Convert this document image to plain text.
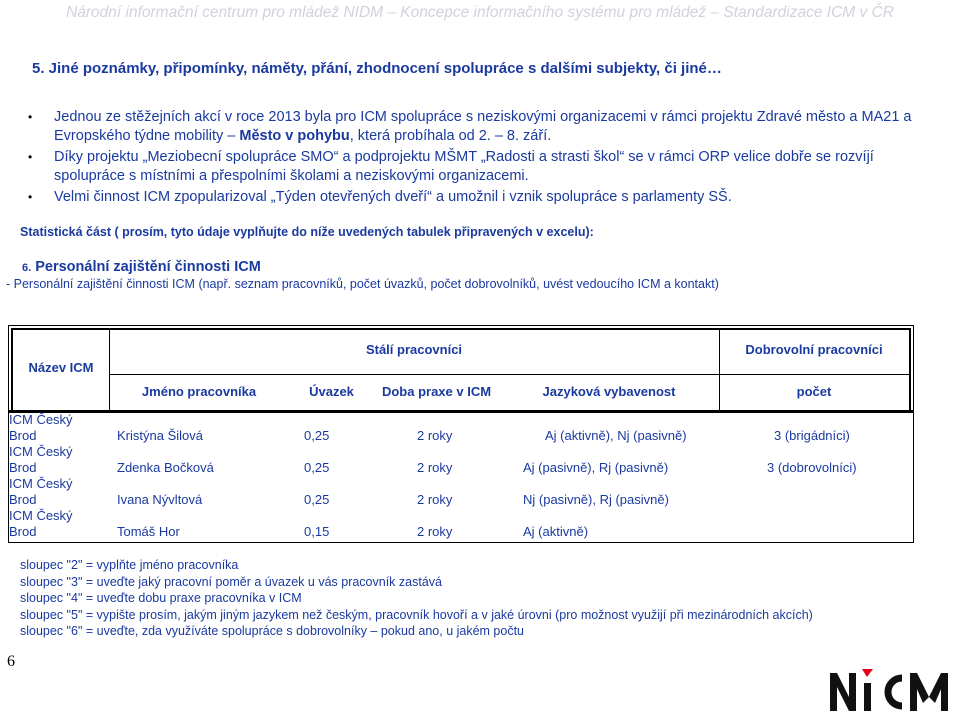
Národní informační centrum pro mládež NIDM – Koncepce informačního systému pro mládež – Standardizace ICM v ČR
5. Jiné poznámky, připomínky, náměty, přání, zhodnocení spolupráce s dalšími subjekty, či jiné…
• Jednou ze stěžejních akcí v roce 2013 byla pro ICM spolupráce s neziskovými organizacemi v rámci projektu Zdravé město a MA21 a Evropského týdne mobility – Město v pohybu, která probíhala od 2. – 8. září.
• Díky projektu „Meziobecní spolupráce SMO“ a podprojektu MŠMT „Radosti a strasti škol“ se v rámci ORP velice dobře se rozvíjí spolupráce s místními a přespolními školami a neziskovými organizacemi.
• Velmi činnost ICM zpopularizoval „Týden otevřených dveří“ a umožnil i vznik spolupráce s parlamenty SŠ.
Statistická část ( prosím, tyto údaje vyplňujte do níže uvedených tabulek připravených v excelu):
6. Personální zajištění činnosti ICM
- Personální zajištění činnosti ICM (např. seznam pracovníků, počet úvazků, počet dobrovolníků, uvést vedoucího ICM a kontakt)
Název ICM
Stálí pracovníci	Dobrovolní pracovníci
Jméno pracovníka	Úvazek	Doba praxe v ICM	Jazyková vybavenost	počet
ICM Český
Brod	Kristýna Šilová	0,25	2 roky	Aj (aktivně), Nj (pasivně)	3 (brigádníci)
ICM Český
Brod	Zdenka Bočková	0,25	2 roky	Aj (pasivně), Rj (pasivně)	3 (dobrovolníci)
ICM Český
Brod	Ivana Nývltová	0,25	2 roky	Nj (pasivně), Rj (pasivně)
ICM Český
Brod	Tomáš Hor	0,15	2 roky	Aj (aktivně)
sloupec "2" = vyplňte jméno pracovníka
sloupec "3" = uveďte jaký pracovní poměr a úvazek u vás pracovník zastává
sloupec "4" = uveďte dobu praxe pracovníka v ICM
sloupec "5" = vypište prosím, jakým jiným jazykem než českým, pracovník hovoří a v jaké úrovni (pro možnost využijí při mezinárodních akcích)
sloupec "6" = uveďte, zda využíváte spolupráce s dobrovolníky – pokud ano, u jakém počtu
6
